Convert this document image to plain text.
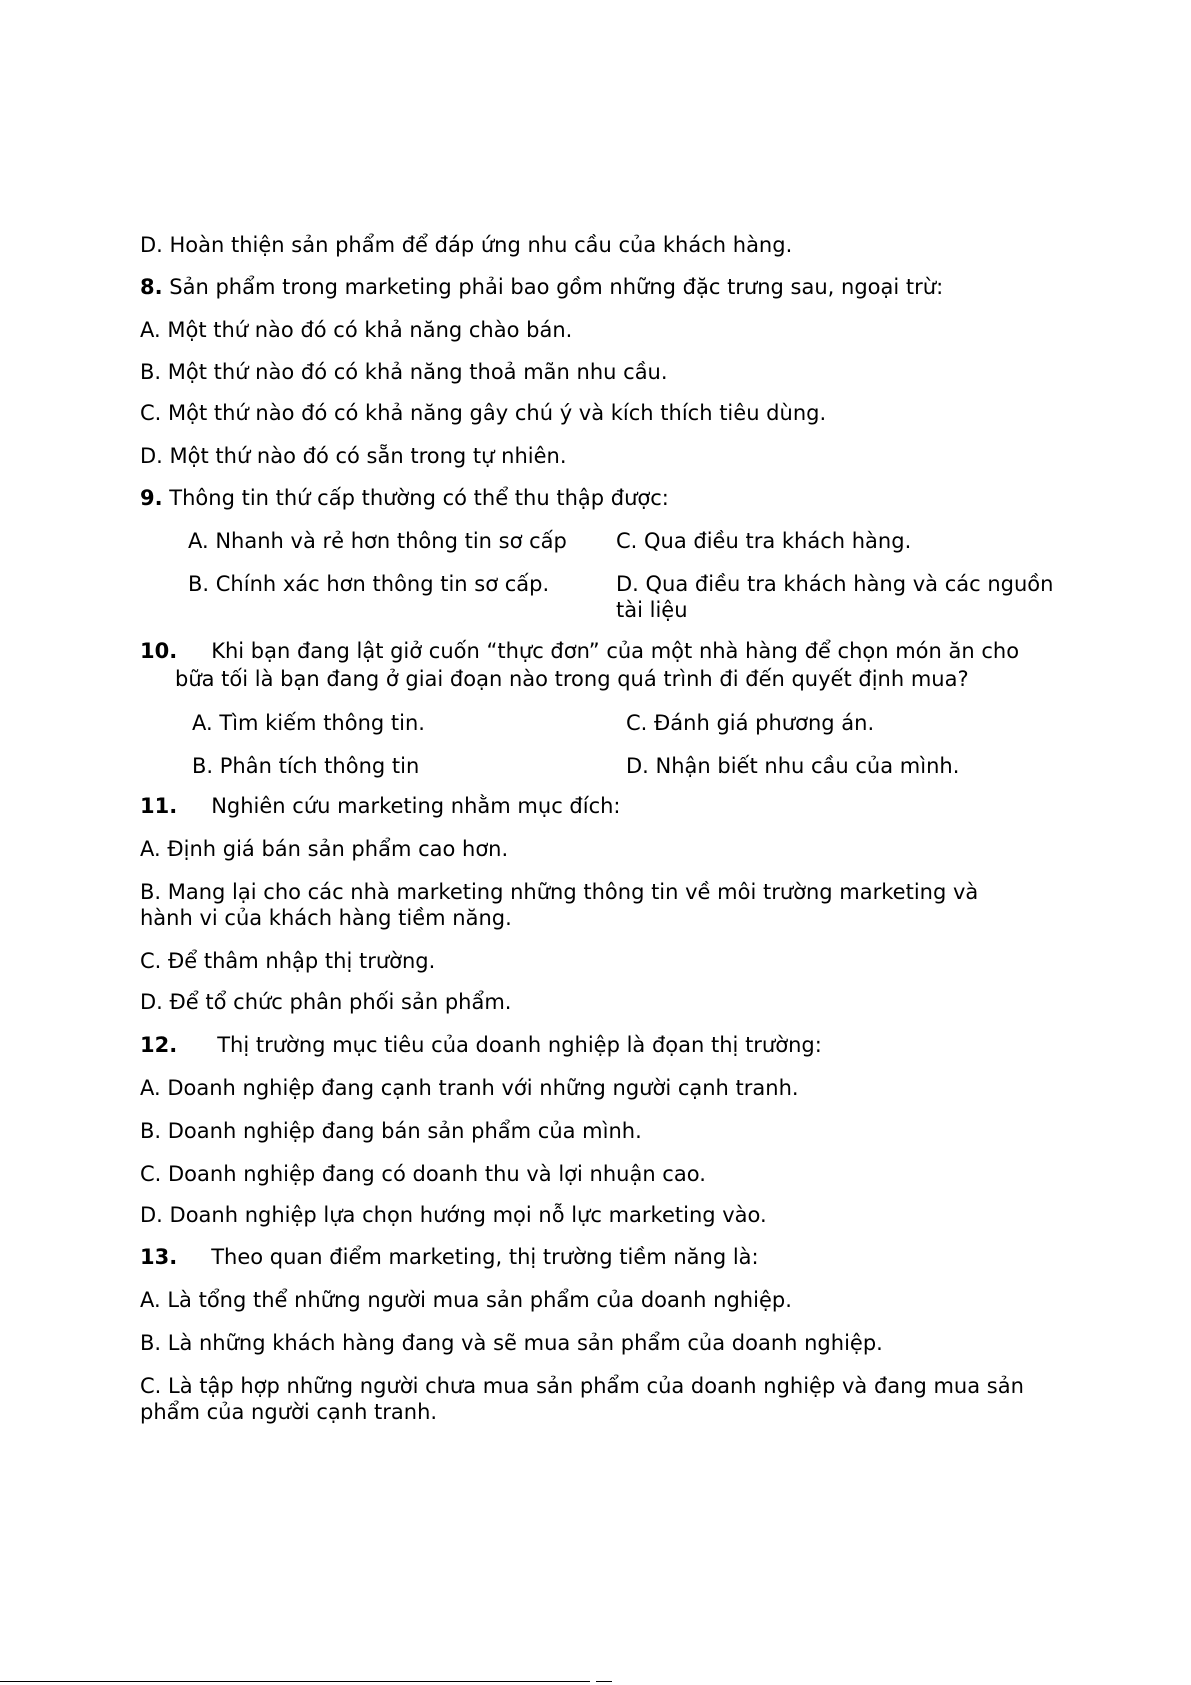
D. Hoàn thiện sản phẩm để đáp ứng nhu cầu của khách hàng.
8. Sản phẩm trong marketing phải bao gồm những đặc trưng sau, ngoại trừ:
A. Một thứ nào đó có khả năng chào bán.
B. Một thứ nào đó có khả năng thoả mãn nhu cầu.
C. Một thứ nào đó có khả năng gây chú ý và kích thích tiêu dùng.
D. Một thứ nào đó có sẵn trong tự nhiên.
9. Thông tin thứ cấp thường có thể thu thập được:
A. Nhanh và rẻ hơn thông tin sơ cấp	C. Qua điều tra khách hàng.
B. Chính xác hơn thông tin sơ cấp.	D. Qua điều tra khách hàng và các nguồn tài liệu
10. Khi bạn đang lật giở cuốn “thực đơn” của một nhà hàng để chọn món ăn cho
bữa tối là bạn đang ở giai đoạn nào trong quá trình đi đến quyết định mua?
A. Tìm kiếm thông tin.	C. Đánh giá phương án.
B. Phân tích thông tin	D. Nhận biết nhu cầu của mình.
11. Nghiên cứu marketing nhằm mục đích:
A. Định giá bán sản phẩm cao hơn.
B. Mang lại cho các nhà marketing những thông tin về môi trường marketing và hành vi của khách hàng tiềm năng.
C. Để thâm nhập thị trường.
D. Để tổ chức phân phối sản phẩm.
12. Thị trường mục tiêu của doanh nghiệp là đọan thị trường:
A. Doanh nghiệp đang cạnh tranh với những người cạnh tranh.
B. Doanh nghiệp đang bán sản phẩm của mình.
C. Doanh nghiệp đang có doanh thu và lợi nhuận cao.
D. Doanh nghiệp lựa chọn hướng mọi nỗ lực marketing vào.
13. Theo quan điểm marketing, thị trường tiềm năng là:
A. Là tổng thể những người mua sản phẩm của doanh nghiệp.
B. Là những khách hàng đang và sẽ mua sản phẩm của doanh nghiệp.
C. Là tập hợp những người chưa mua sản phẩm của doanh nghiệp và đang mua sản phẩm của người cạnh tranh.
